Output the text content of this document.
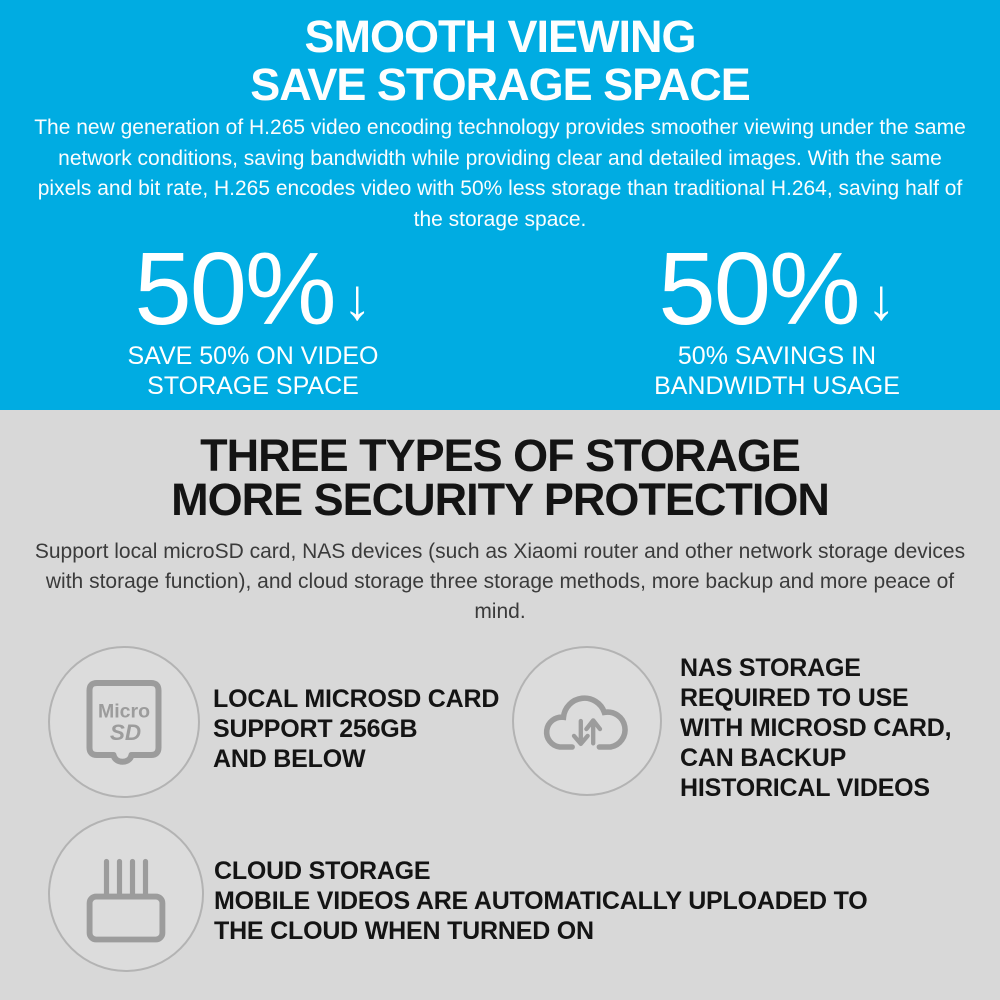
SMOOTH VIEWING
SAVE STORAGE SPACE
The new generation of H.265 video encoding technology provides smoother viewing under the same
network conditions, saving bandwidth while providing clear and detailed images. With the same
pixels and bit rate, H.265 encodes video with 50% less storage than traditional H.264, saving half of
the storage space.
50% ↓
SAVE 50% ON VIDEO
STORAGE SPACE
50% ↓
50% SAVINGS IN
BANDWIDTH USAGE
THREE TYPES OF STORAGE
MORE SECURITY PROTECTION
Support local microSD card, NAS devices (such as Xiaomi router and other network storage devices
with storage function), and cloud storage three storage methods, more backup and more peace of
mind.
Micro
SD
LOCAL MICROSD CARD
SUPPORT 256GB
AND BELOW
NAS STORAGE
REQUIRED TO USE
WITH MICROSD CARD,
CAN BACKUP
HISTORICAL VIDEOS
CLOUD STORAGE
MOBILE VIDEOS ARE AUTOMATICALLY UPLOADED TO
THE CLOUD WHEN TURNED ON
